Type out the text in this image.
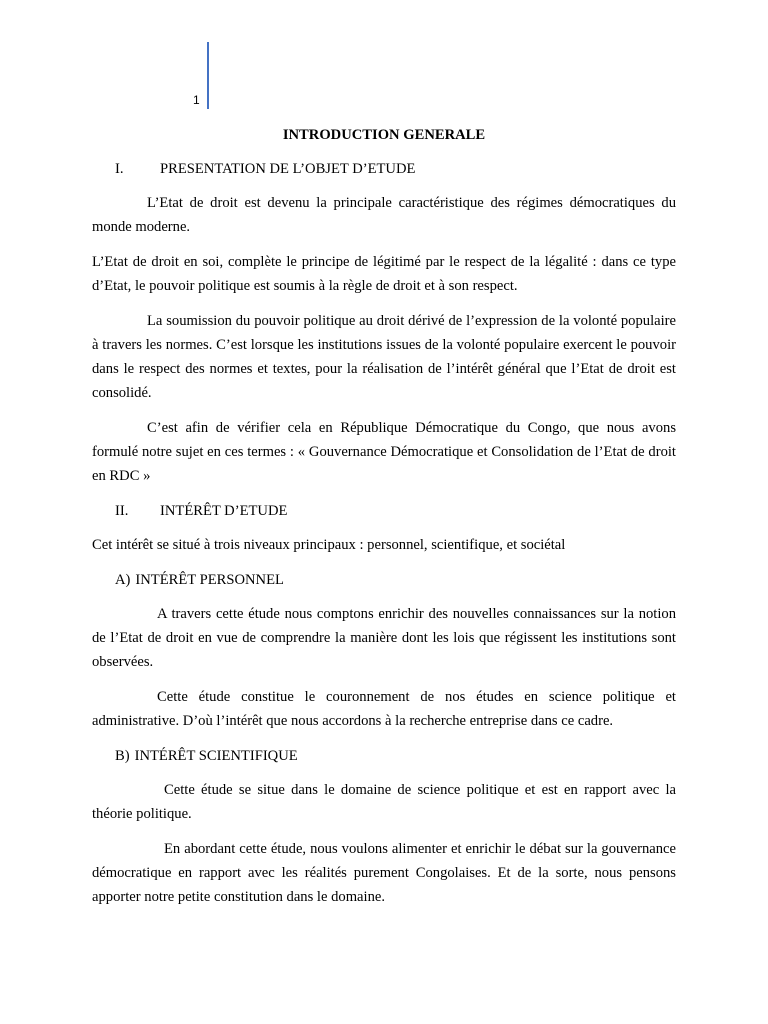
1
INTRODUCTION GENERALE
I.	PRESENTATION DE L’OBJET D’ETUDE

L’Etat de droit est devenu la principale caractéristique des régimes démocratiques du monde moderne.

L’Etat de droit en soi, complète le principe de légitimé par le respect de la légalité : dans ce type d’Etat, le pouvoir politique est soumis à la règle de droit et à son respect.

La soumission du pouvoir politique au droit dérivé de l’expression de la volonté populaire à travers les normes. C’est lorsque les institutions issues de la volonté populaire exercent le pouvoir dans le respect des normes et textes, pour la réalisation de l’intérêt général que l’Etat de droit est consolidé.

C’est afin de vérifier cela en République Démocratique du Congo, que nous avons formulé notre sujet en ces termes : « Gouvernance Démocratique et Consolidation de l’Etat de droit en RDC »

II.	INTÉRÊT D’ETUDE

Cet intérêt se situé à trois niveaux principaux : personnel, scientifique, et sociétal

A) INTÉRÊT PERSONNEL

A travers cette étude nous comptons enrichir des nouvelles connaissances sur la notion de l’Etat de droit en vue de comprendre la manière dont les lois que régissent les institutions sont observées.

Cette étude constitue le couronnement de nos études en science politique et administrative. D’où l’intérêt que nous accordons à la recherche entreprise dans ce cadre.

B) INTÉRÊT SCIENTIFIQUE

Cette étude se situe dans le domaine de science politique et est en rapport avec la théorie politique.

En abordant cette étude, nous voulons alimenter et enrichir le débat sur la gouvernance démocratique en rapport avec les réalités purement Congolaises. Et de la sorte, nous pensons apporter notre petite constitution dans le domaine.
